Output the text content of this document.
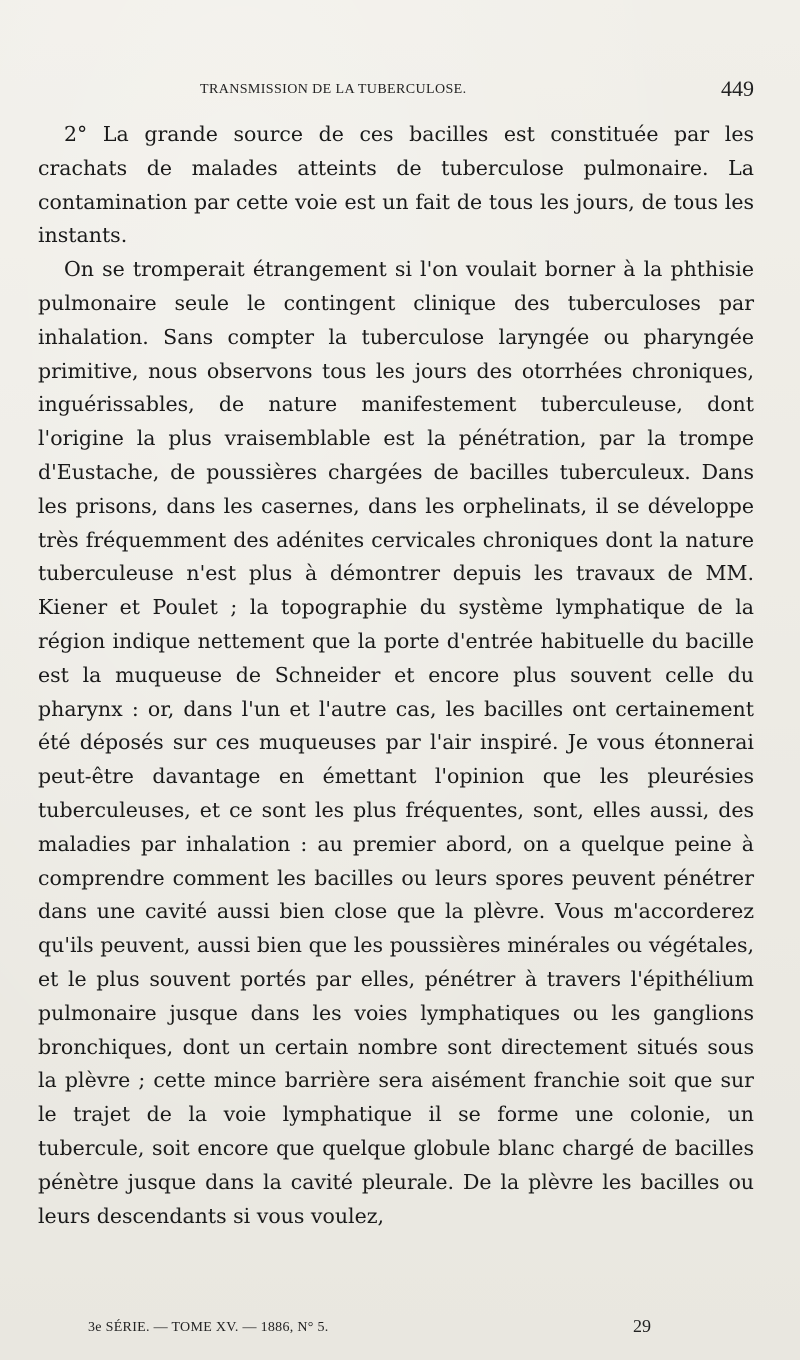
TRANSMISSION DE LA TUBERCULOSE.	449

2° La grande source de ces bacilles est constituée par les crachats de malades atteints de tuberculose pulmonaire. La contamination par cette voie est un fait de tous les jours, de tous les instants.

On se tromperait étrangement si l'on voulait borner à la phthisie pulmonaire seule le contingent clinique des tuberculoses par inhalation. Sans compter la tuberculose laryngée ou pharyngée primitive, nous observons tous les jours des otorrhées chroniques, inguérissables, de nature manifestement tuberculeuse, dont l'origine la plus vraisemblable est la pénétration, par la trompe d'Eustache, de poussières chargées de bacilles tuberculeux. Dans les prisons, dans les casernes, dans les orphelinats, il se développe très fréquemment des adénites cervicales chroniques dont la nature tuberculeuse n'est plus à démontrer depuis les travaux de MM. Kiener et Poulet ; la topographie du système lymphatique de la région indique nettement que la porte d'entrée habituelle du bacille est la muqueuse de Schneider et encore plus souvent celle du pharynx : or, dans l'un et l'autre cas, les bacilles ont certainement été déposés sur ces muqueuses par l'air inspiré. Je vous étonnerai peut-être davantage en émettant l'opinion que les pleurésies tuberculeuses, et ce sont les plus fréquentes, sont, elles aussi, des maladies par inhalation : au premier abord, on a quelque peine à comprendre comment les bacilles ou leurs spores peuvent pénétrer dans une cavité aussi bien close que la plèvre. Vous m'accorderez qu'ils peuvent, aussi bien que les poussières minérales ou végétales, et le plus souvent portés par elles, pénétrer à travers l'épithélium pulmonaire jusque dans les voies lymphatiques ou les ganglions bronchiques, dont un certain nombre sont directement situés sous la plèvre ; cette mince barrière sera aisément franchie soit que sur le trajet de la voie lymphatique il se forme une colonie, un tubercule, soit encore que quelque globule blanc chargé de bacilles pénètre jusque dans la cavité pleurale. De la plèvre les bacilles ou leurs descendants si vous voulez,

3e SÉRIE. — TOME XV. — 1886, N° 5.	29
